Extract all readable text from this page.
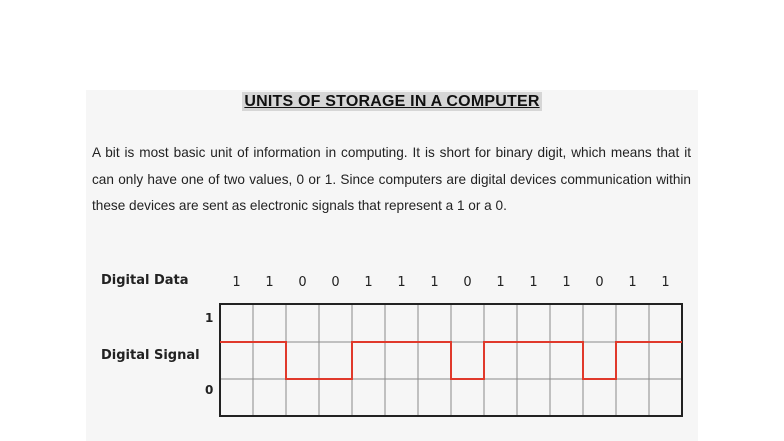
UNITS OF STORAGE IN A COMPUTER
A bit is most basic unit of information in computing. It is short for binary digit, which means that it can only have one of two values, 0 or 1. Since computers are digital devices communication within these devices are sent as electronic signals that represent a 1 or a 0.
Digital Data
Digital Signal
1
0
1 1 0 0 1 1 1 0 1 1 1 0 1 1
